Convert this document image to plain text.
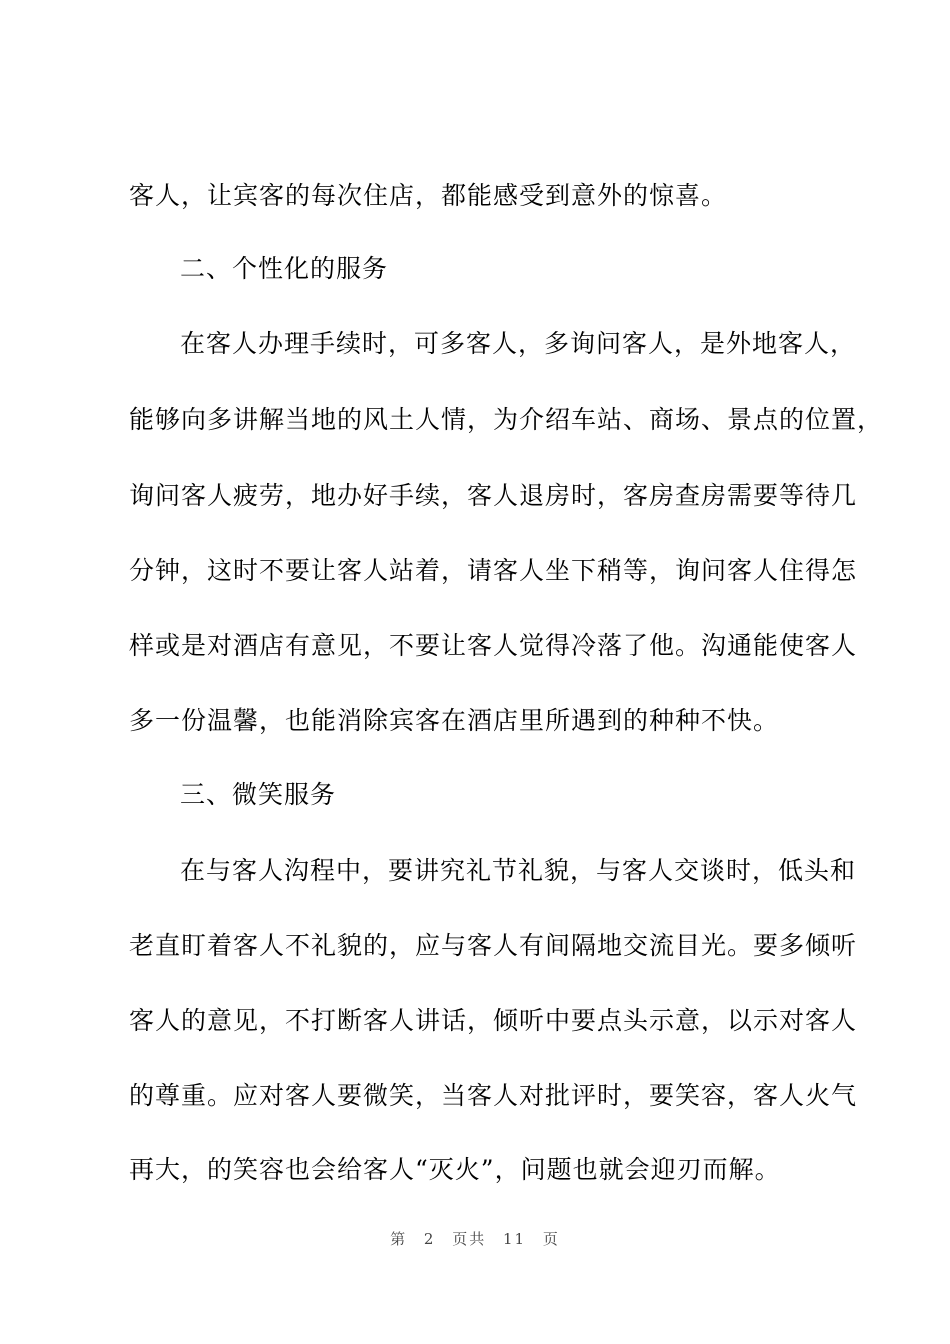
客人，让宾客的每次住店，都能感受到意外的惊喜。
二、个性化的服务
在客人办理手续时，可多客人，多询问客人，是外地客人，
能够向多讲解当地的风土人情，为介绍车站、商场、景点的位置，
询问客人疲劳，地办好手续，客人退房时，客房查房需要等待几
分钟，这时不要让客人站着，请客人坐下稍等，询问客人住得怎
样或是对酒店有意见，不要让客人觉得冷落了他。沟通能使客人
多一份温馨，也能消除宾客在酒店里所遇到的种种不快。
三、微笑服务
在与客人沟程中，要讲究礼节礼貌，与客人交谈时，低头和
老直盯着客人不礼貌的，应与客人有间隔地交流目光。要多倾听
客人的意见，不打断客人讲话，倾听中要点头示意，以示对客人
的尊重。应对客人要微笑，当客人对批评时，要笑容，客人火气
再大，的笑容也会给客人“灭火”，问题也就会迎刃而解。
第 2 页共 11 页
